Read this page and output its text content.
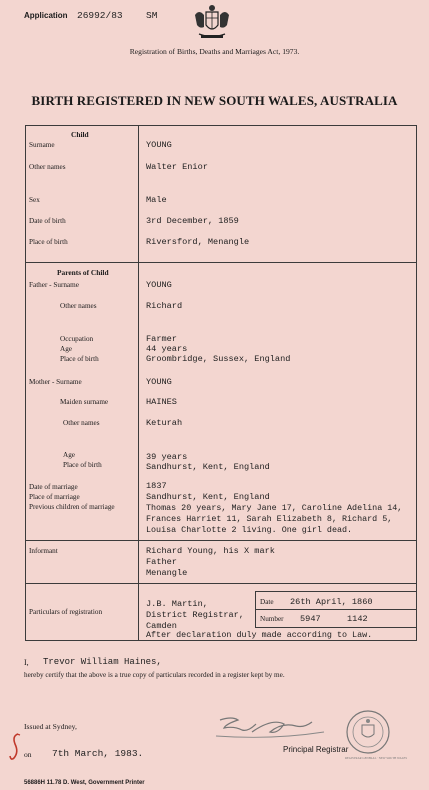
Application 26992/83 SM
Registration of Births, Deaths and Marriages Act, 1973.
BIRTH REGISTERED IN NEW SOUTH WALES, AUSTRALIA
Child
Surname	YOUNG
Other names	Walter Enior
Sex	Male
Date of birth	3rd December, 1859
Place of birth	Riversford, Menangle
Parents of Child
Father - Surname	YOUNG
Other names	Richard
Occupation	Farmer
Age	44 years
Place of birth	Groombridge, Sussex, England
Mother - Surname	YOUNG
Maiden surname	HAINES
Other names	Keturah
Age	39 years
Place of birth	Sandhurst, Kent, England
Date of marriage	1837
Place of marriage	Sandhurst, Kent, England
Previous children of marriage	Thomas 20 years, Mary Jane 17, Caroline Adelina 14,
Frances Harriet 11, Sarah Elizabeth 8, Richard 5,
Louisa Charlotte 2 living. One girl dead.
Informant	Richard Young, his X mark
Father
Menangle
Particulars of registration
J.B. Martin,
District Registrar,
Camden
Date 26th April, 1860
Number 5947	1142
After declaration duly made according to Law.
I, Trevor William Haines,
hereby certify that the above is a true copy of particulars recorded in a register kept by me.
Issued at Sydney,
on 7th March, 1983.	Principal Registrar
REGISTRAR GENERAL · NEW SOUTH WALES
56886H 11.78 D. West, Government Printer
